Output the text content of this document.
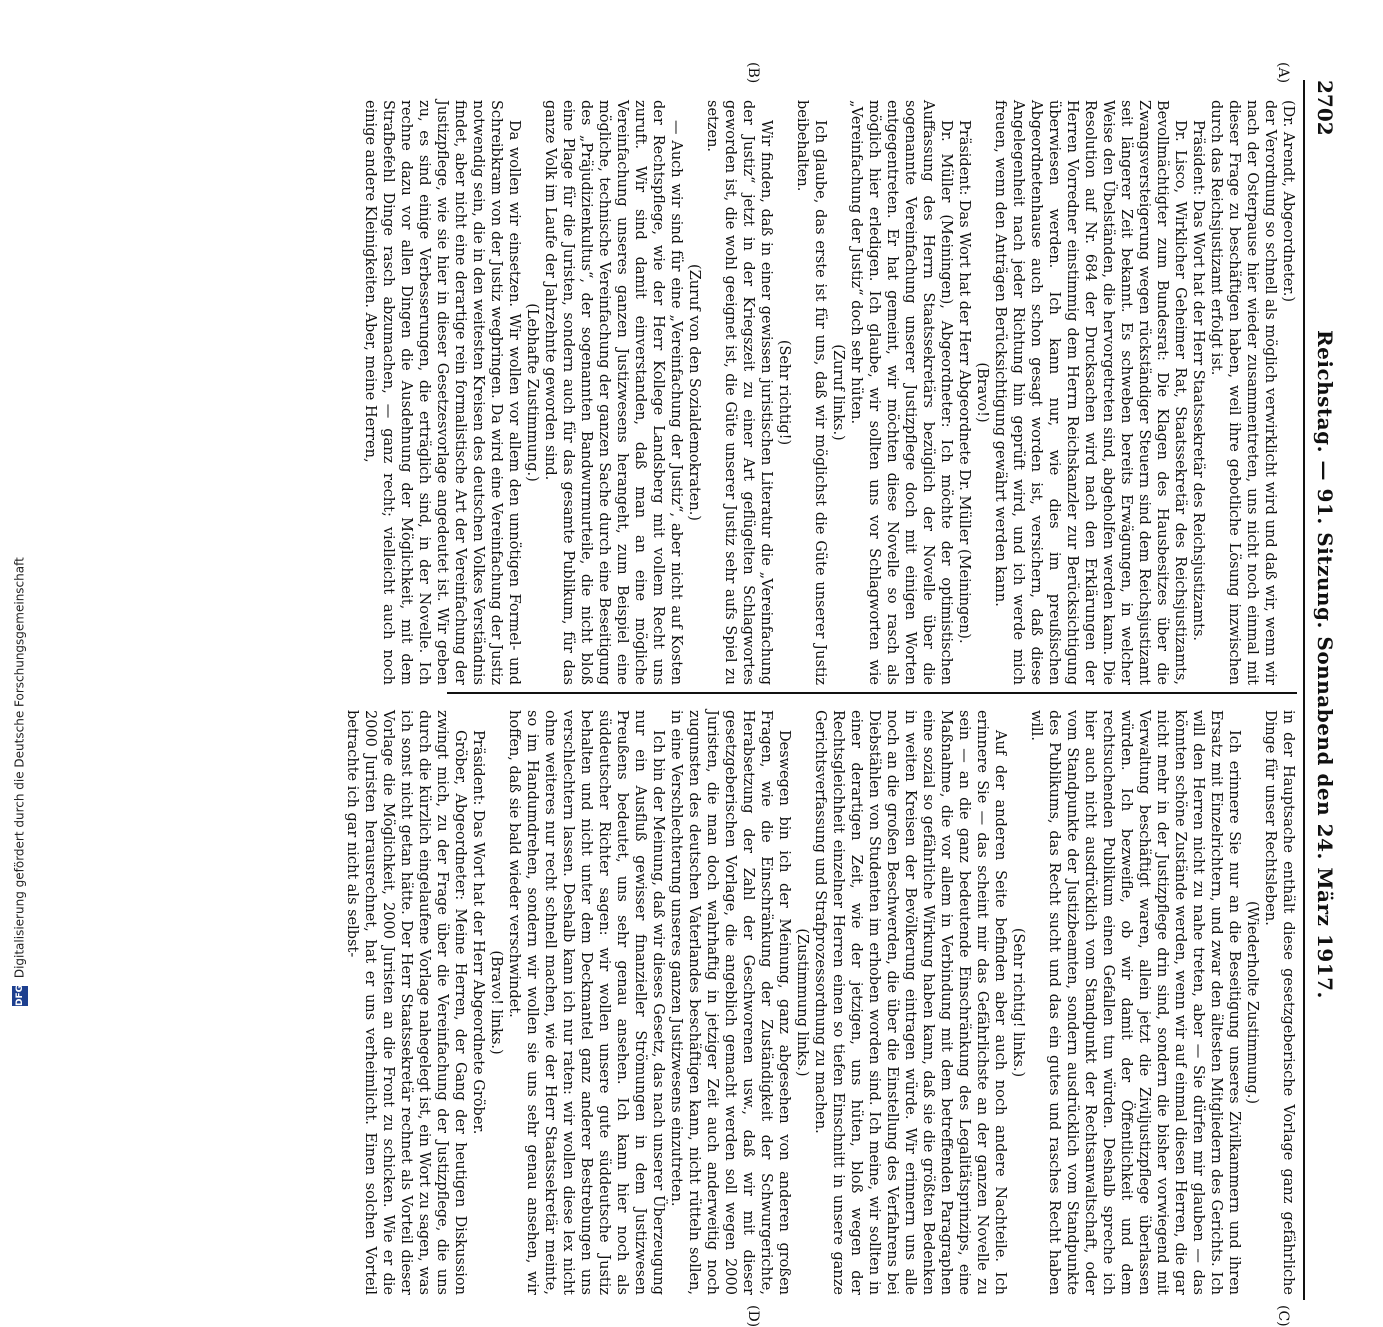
2702
Reichstag. — 91. Sitzung. Sonnabend den 24. März 1917.
(A)
(B)
(C)
(D)

(Dr. Arendt, Abgeordneter.)

der Verordnung so schnell als möglich verwirklicht wird und daß wir, wenn wir nach der Osterpause hier wieder zusammentreten, uns nicht noch einmal mit dieser Frage zu beschäftigen haben, weil ihre gebotliche Lösung inzwischen durch das Reichsjustizamt erfolgt ist.

Präsident: Das Wort hat der Herr Staatssekretär des Reichsjustizamts.

Dr. Lisco, Wirklicher Geheimer Rat, Staatssekretär des Reichsjustizamts, Bevollmächtigter zum Bundesrat: Die Klagen des Hausbesitzes über die Zwangsversteigerung wegen rückständiger Steuern sind dem Reichsjustizamt seit längerer Zeit bekannt. Es schweben bereits Erwägungen, in welcher Weise den Übelständen, die hervorgetreten sind, abgeholfen werden kann. Die Resolution auf Nr. 684 der Drucksachen wird nach den Erklärungen der Herren Vorredner einstimmig dem Herrn Reichskanzler zur Berücksichtigung überwiesen werden. Ich kann nur, wie dies im preußischen Abgeordnetenhause auch schon gesagt worden ist, versichern, daß diese Angelegenheit nach jeder Richtung hin geprüft wird, und ich werde mich freuen, wenn den Anträgen Berücksichtigung gewährt werden kann.

(Bravo!)

Präsident: Das Wort hat der Herr Abgeordnete Dr. Müller (Meiningen).

Dr. Müller (Meiningen), Abgeordneter: Ich möchte der optimistischen Auffassung des Herrn Staatssekretärs bezüglich der Novelle über die sogenannte Vereinfachung unserer Justizpflege doch mit einigen Worten entgegentreten. Er hat gemeint, wir möchten diese Novelle so rasch als möglich hier erledigen. Ich glaube, wir sollten uns vor Schlagworten wie „Vereinfachung der Justiz“ doch sehr hüten.

(Zuruf links.)

Ich glaube, das erste ist für uns, daß wir möglichst die Güte unserer Justiz beibehalten.

(Sehr richtig!)

Wir finden, daß in einer gewissen juristischen Literatur die „Vereinfachung der Justiz“ jetzt in der Kriegszeit zu einer Art geflügelten Schlagwortes geworden ist, die wohl geeignet ist, die Güte unserer Justiz sehr aufs Spiel zu setzen.

(Zuruf von den Sozialdemokraten.)

— Auch wir sind für eine „Vereinfachung der Justiz“, aber nicht auf Kosten der Rechtspflege, wie der Herr Kollege Landsberg mit vollem Recht uns zuruft. Wir sind damit einverstanden, daß man an eine mögliche Vereinfachung unseres ganzen Justizwesens herangeht, zum Beispiel eine mögliche, technische Vereinfachung der ganzen Sache durch eine Beseitigung des „Präjudizienkultus“, der sogenannten Bandwurmurteile, die nicht bloß eine Plage für die Juristen, sondern auch für das gesamte Publikum, für das ganze Volk im Laufe der Jahrzehnte geworden sind.

(Lebhafte Zustimmung.)

Da wollen wir einsetzen. Wir wollen vor allem den unnötigen Formel- und Schreibkram von der Justiz wegbringen. Da wird eine Vereinfachung der Justiz notwendig sein, die in den weitesten Kreisen des deutschen Volkes Verständnis findet, aber nicht eine derartige rein formalistische Art der Vereinfachung der Justizpflege, wie sie hier in dieser Gesetzesvorlage angedeutet ist. Wir geben zu, es sind einige Verbesserungen, die erträglich sind, in der Novelle. Ich rechne dazu vor allen Dingen die Ausdehnung der Möglichkeit, mit dem Strafbefehl Dinge rasch abzumachen, — ganz recht; vielleicht auch noch einige andere Kleinigkeiten. Aber, meine Herren,

in der Hauptsache enthält diese gesetzgeberische Vorlage ganz gefährliche Dinge für unser Rechtsleben.

(Wiederholte Zustimmung.)

Ich erinnere Sie nur an die Beseitigung unseres Zivilkammern und ihren Ersatz mit Einzelrichtern, und zwar den ältesten Mitgliedern des Gerichts. Ich will den Herren nicht zu nahe treten, aber — Sie dürfen mir glauben — das könnten schöne Zustände werden, wenn wir auf einmal diesen Herren, die gar nicht mehr in der Justizpflege drin sind, sondern die bisher vorwiegend mit Verwaltung beschäftigt waren, allein jetzt die Ziviljustizpflege überlassen würden. Ich bezweifle, ob wir damit der Öffentlichkeit und dem rechtsuchenden Publikum einen Gefallen tun würden. Deshalb spreche ich hier auch nicht ausdrücklich vom Standpunkt der Rechtsanwaltschaft, oder vom Standpunkte der Justizbeamten, sondern ausdrücklich vom Standpunkte des Publikums, das Recht sucht und das ein gutes und rasches Recht haben will.

(Sehr richtig! links.)

Auf der anderen Seite befinden aber auch noch andere Nachteile. Ich erinnere Sie — das scheint mir das Gefährlichste an der ganzen Novelle zu sein — an die ganz bedeutende Einschränkung des Legalitätsprinzips, eine Maßnahme, die vor allem in Verbindung mit dem betreffenden Paragraphen eine sozial so gefährliche Wirkung haben kann, daß sie die größten Bedenken in weiten Kreisen der Bevölkerung eintragen würde. Wir erinnern uns alle noch an die großen Beschwerden, die über die Einstellung des Verfahrens bei Diebstählen von Studenten im erhoben worden sind. Ich meine, wir sollten in einer derartigen Zeit, wie der jetzigen, uns hüten, bloß wegen der Rechtsgleichheit einzelner Herren einen so tiefen Einschnitt in unsere ganze Gerichtsverfassung und Strafprozessordnung zu machen.

(Zustimmung links.)

Deswegen bin ich der Meinung, ganz abgesehen von anderen großen Fragen, wie die Einschränkung der Zuständigkeit der Schwurgerichte, Herabsetzung der Zahl der Geschworenen usw., daß wir mit dieser gesetzgeberischen Vorlage, die angeblich gemacht werden soll wegen 2000 Juristen, die man doch wahrhaftig in jetziger Zeit auch anderweitig noch zugunsten des deutschen Vaterlandes beschäftigen kann, nicht rütteln sollen, in eine Verschlechterung unseres ganzen Justizwesens einzutreten.

Ich bin der Meinung, daß wir dieses Gesetz, das nach unserer Überzeugung nur ein Ausfluß gewisser finanzieller Strömungen in dem Justizwesen Preußens bedeutet, uns sehr genau ansehen. Ich kann hier noch als süddeutscher Richter sagen: wir wollen unsere gute süddeutsche Justiz behalten und nicht unter dem Deckmantel ganz anderer Bestrebungen uns verschlechtern lassen. Deshalb kann ich nur raten: wir wollen diese lex nicht ohne weiteres nur recht schnell machen, wie der Herr Staatssekretär meinte, so im Handumdrehen, sondern wir wollen sie uns sehr genau ansehen, wir hoffen, daß sie bald wieder verschwindet.

(Bravo! links.)

Präsident: Das Wort hat der Herr Abgeordnete Gröber.

Gröber, Abgeordneter: Meine Herren, der Gang der heutigen Diskussion zwingt mich, zu der Frage über die Vereinfachung der Justizpflege, die uns durch die kürzlich eingelaufene Vorlage nahegelegt ist, ein Wort zu sagen, was ich sonst nicht getan hätte. Der Herr Staatssekretär rechnet als Vorteil dieser Vorlage die Möglichkeit, 2000 Juristen an die Front zu schicken. Wie er die 2000 Juristen herausrechnet, hat er uns verheimlicht. Einen solchen Vorteil betrachte ich gar nicht als selbst-

DFG Digitalisierung gefördert durch die Deutsche Forschungsgemeinschaft
